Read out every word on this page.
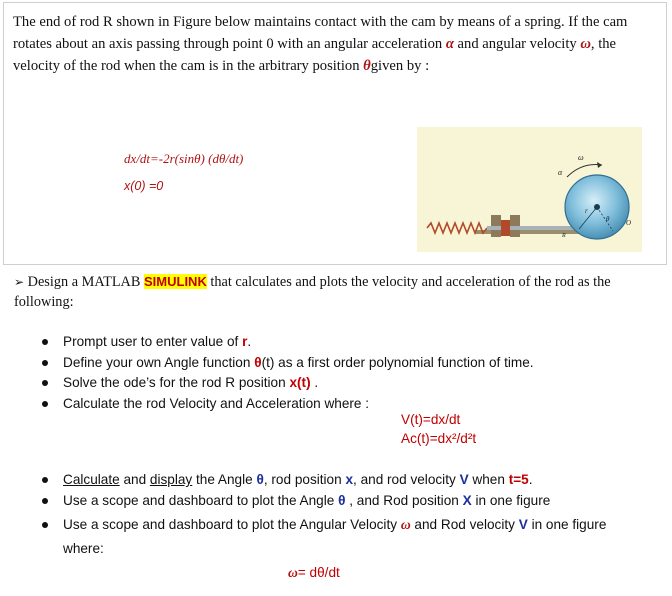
The end of rod R shown in Figure below maintains contact with the cam by means of a spring. If the cam rotates about an axis passing through point 0 with an angular acceleration α and angular velocity ω, the velocity of the rod when the cam is in the arbitrary position θgiven by :

dx/dt=-2r(sinθ) (dθ/dt)

x(0) =0

ω
α
θ
r
O
R

➢ Design a MATLAB SIMULINK that calculates and plots the velocity and acceleration of the rod as the following:

Prompt user to enter value of r.
Define your own Angle function θ(t) as a first order polynomial function of time.
Solve the ode’s for the rod R position x(t) .
Calculate the rod Velocity and Acceleration where :

V(t)=dx/dt

Ac(t)=dx²/d²t

Calculate and display the Angle θ, rod position x, and rod velocity V when t=5.
Use a scope and dashboard to plot the Angle θ , and Rod position X in one figure
Use a scope and dashboard to plot the Angular Velocity ω and Rod velocity V in one figure
where:

ω= dθ/dt
